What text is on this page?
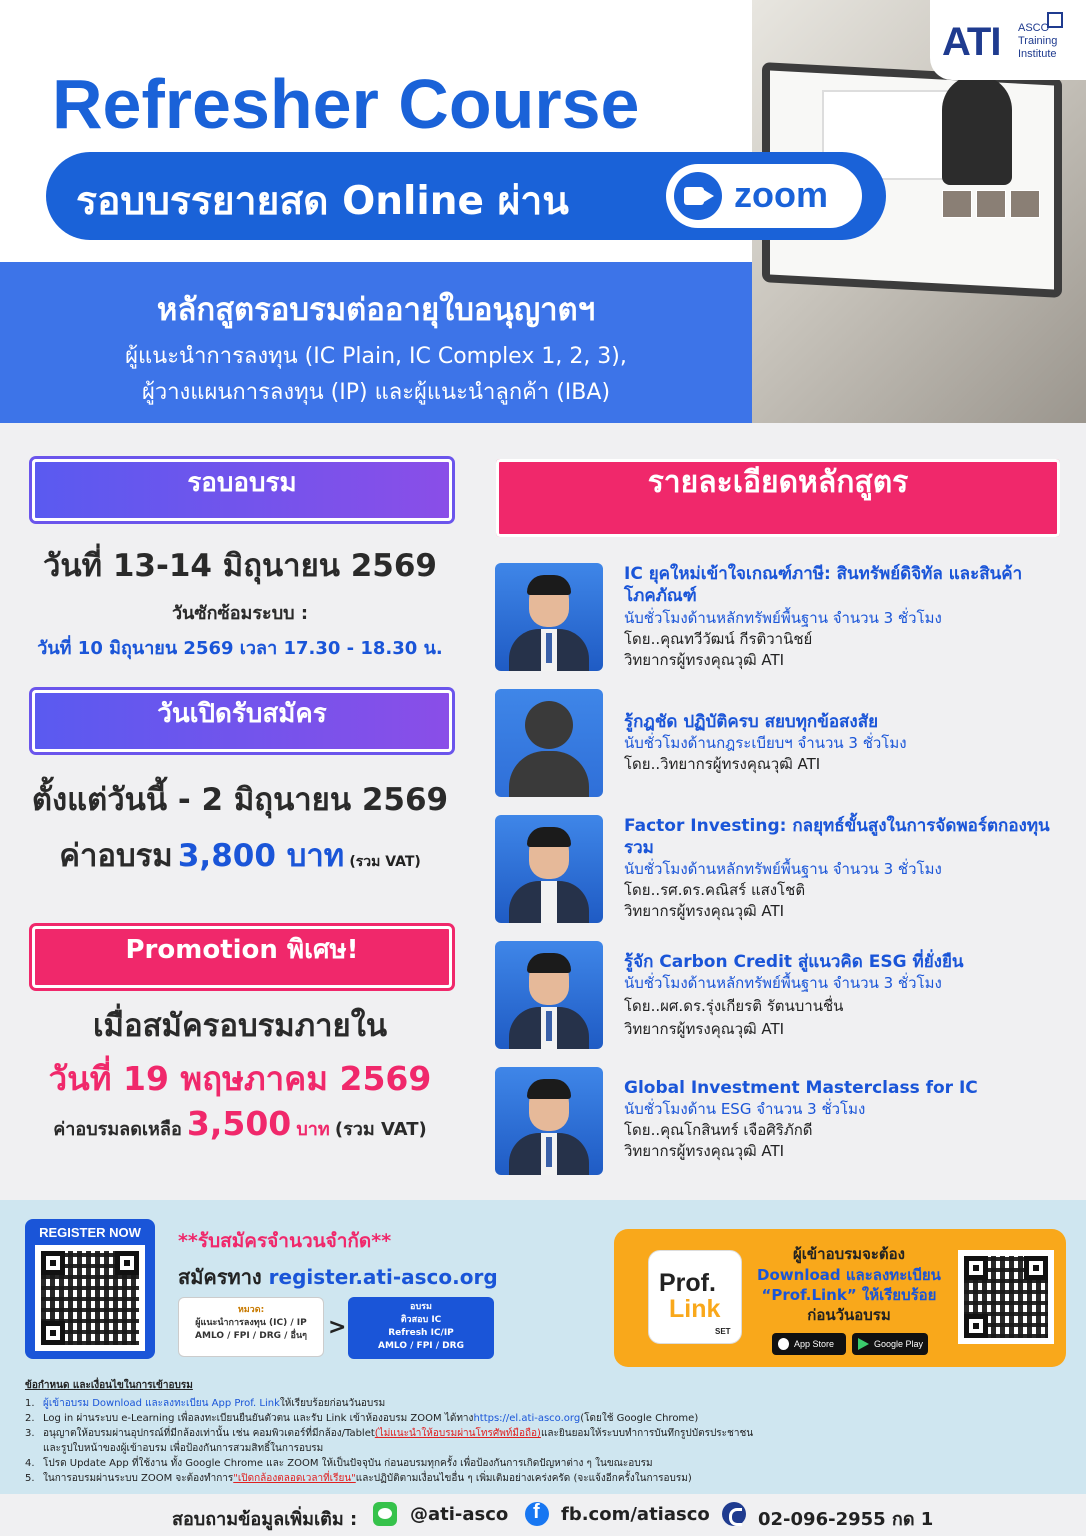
ATI ASCO
Training
Institute
Refresher Course
รอบบรรยายสด Online ผ่าน	zoom
หลักสูตรอบรมต่ออายุใบอนุญาตฯ
ผู้แนะนำการลงทุน (IC Plain, IC Complex 1, 2, 3),
ผู้วางแผนการลงทุน (IP) และผู้แนะนำลูกค้า (IBA)
รอบอบรม
วันที่ 13-14 มิถุนายน 2569
วันซักซ้อมระบบ :
วันที่ 10 มิถุนายน 2569 เวลา 17.30 - 18.30 น.
วันเปิดรับสมัคร
ตั้งแต่วันนี้ - 2 มิถุนายน 2569
ค่าอบรม 3,800 บาท (รวม VAT)
Promotion พิเศษ!
เมื่อสมัครอบรมภายใน
วันที่ 19 พฤษภาคม 2569
ค่าอบรมลดเหลือ 3,500 บาท (รวม VAT)
รายละเอียดหลักสูตร
IC ยุคใหม่เข้าใจเกณฑ์ภาษี: สินทรัพย์ดิจิทัล และสินค้าโภคภัณฑ์
นับชั่วโมงด้านหลักทรัพย์พื้นฐาน จำนวน 3 ชั่วโมง
โดย..คุณทวีวัฒน์ กีรติวานิชย์
วิทยากรผู้ทรงคุณวุฒิ ATI
รู้กฎชัด ปฏิบัติครบ สยบทุกข้อสงสัย
นับชั่วโมงด้านกฎระเบียบฯ จำนวน 3 ชั่วโมง
โดย..วิทยากรผู้ทรงคุณวุฒิ ATI
Factor Investing: กลยุทธ์ขั้นสูงในการจัดพอร์ตกองทุนรวม
นับชั่วโมงด้านหลักทรัพย์พื้นฐาน จำนวน 3 ชั่วโมง
โดย..รศ.ดร.คณิสร์ แสงโชติ
วิทยากรผู้ทรงคุณวุฒิ ATI
รู้จัก Carbon Credit สู่แนวคิด ESG ที่ยั่งยืน
นับชั่วโมงด้านหลักทรัพย์พื้นฐาน จำนวน 3 ชั่วโมง
โดย..ผศ.ดร.รุ่งเกียรติ รัตนบานชื่น
วิทยากรผู้ทรงคุณวุฒิ ATI
Global Investment Masterclass for IC
นับชั่วโมงด้าน ESG จำนวน 3 ชั่วโมง
โดย..คุณโกสินทร์ เจือศิริภักดี
วิทยากรผู้ทรงคุณวุฒิ ATI
REGISTER NOW	**รับสมัครจำนวนจำกัด**
สมัครทาง register.ati-asco.org
หมวด:
ผู้แนะนำการลงทุน (IC) / IP
AMLO / FPI / DRG / อื่นๆ >
อบรม
ติวสอบ IC
Refresh IC/IP
AMLO / FPI / DRG
Prof.
Link
SET
ผู้เข้าอบรมจะต้อง
Download และลงทะเบียน
“Prof.Link” ให้เรียบร้อย
ก่อนวันอบรม
App Store	Google Play
ข้อกำหนด และเงื่อนไขในการเข้าอบรม
1. ผู้เข้าอบรม Download และลงทะเบียน App Prof. Link ให้เรียบร้อยก่อนวันอบรม
2. Log in ผ่านระบบ e-Learning เพื่อลงทะเบียนยืนยันตัวตน และรับ Link เข้าห้องอบรม ZOOM ได้ทาง https://el.ati-asco.org (โดยใช้ Google Chrome)
3. อนุญาตให้อบรมผ่านอุปกรณ์ที่มีกล้องเท่านั้น เช่น คอมพิวเตอร์ที่มีกล้อง/Tablet (ไม่แนะนำให้อบรมผ่านโทรศัพท์มือถือ) และยินยอมให้ระบบทำการบันทึกรูปบัตรประชาชน
และรูปใบหน้าของผู้เข้าอบรม เพื่อป้องกันการสวมสิทธิ์ในการอบรม
4. โปรด Update App ที่ใช้งาน ทั้ง Google Chrome และ ZOOM ให้เป็นปัจจุบัน ก่อนอบรมทุกครั้ง เพื่อป้องกันการเกิดปัญหาต่าง ๆ ในขณะอบรม
5. ในการอบรมผ่านระบบ ZOOM จะต้องทำการ "เปิดกล้องตลอดเวลาที่เรียน" และปฏิบัติตามเงื่อนไขอื่น ๆ เพิ่มเติมอย่างเคร่งครัด (จะแจ้งอีกครั้งในการอบรม)
สอบถามข้อมูลเพิ่มเติม :	@ati-asco f	fb.com/atiasco	02-096-2955 กด 1
